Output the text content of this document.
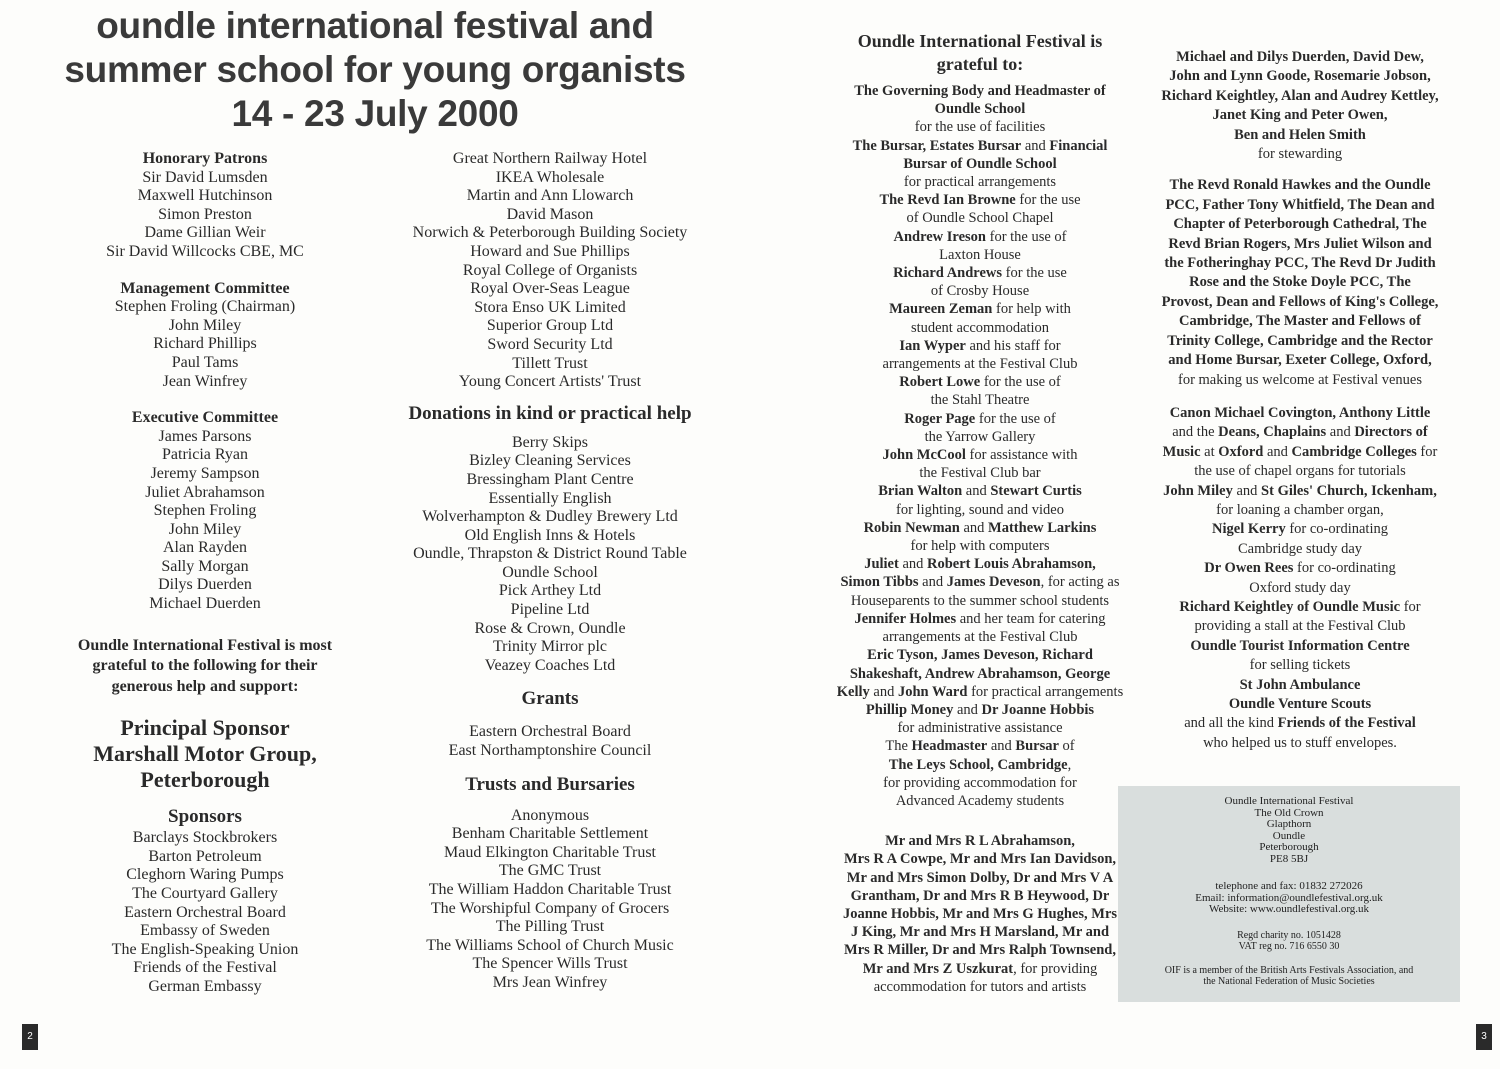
oundle international festival and
summer school for young organists
14 - 23 July 2000
Honorary Patrons
Sir David Lumsden
Maxwell Hutchinson
Simon Preston
Dame Gillian Weir
Sir David Willcocks CBE, MC
Management Committee
Stephen Froling (Chairman)
John Miley
Richard Phillips
Paul Tams
Jean Winfrey
Executive Committee
James Parsons
Patricia Ryan
Jeremy Sampson
Juliet Abrahamson
Stephen Froling
John Miley
Alan Rayden
Sally Morgan
Dilys Duerden
Michael Duerden
Oundle International Festival is most
grateful to the following for their
generous help and support:
Principal Sponsor
Marshall Motor Group,
Peterborough
Sponsors
Barclays Stockbrokers
Barton Petroleum
Cleghorn Waring Pumps
The Courtyard Gallery
Eastern Orchestral Board
Embassy of Sweden
The English-Speaking Union
Friends of the Festival
German Embassy
Great Northern Railway Hotel
IKEA Wholesale
Martin and Ann Llowarch
David Mason
Norwich & Peterborough Building Society
Howard and Sue Phillips
Royal College of Organists
Royal Over-Seas League
Stora Enso UK Limited
Superior Group Ltd
Sword Security Ltd
Tillett Trust
Young Concert Artists' Trust
Donations in kind or practical help
Berry Skips
Bizley Cleaning Services
Bressingham Plant Centre
Essentially English
Wolverhampton & Dudley Brewery Ltd
Old English Inns & Hotels
Oundle, Thrapston & District Round Table
Oundle School
Pick Arthey Ltd
Pipeline Ltd
Rose & Crown, Oundle
Trinity Mirror plc
Veazey Coaches Ltd
Grants
Eastern Orchestral Board
East Northamptonshire Council
Trusts and Bursaries
Anonymous
Benham Charitable Settlement
Maud Elkington Charitable Trust
The GMC Trust
The William Haddon Charitable Trust
The Worshipful Company of Grocers
The Pilling Trust
The Williams School of Church Music
The Spencer Wills Trust
Mrs Jean Winfrey
2
Oundle International Festival is
grateful to:
The Governing Body and Headmaster of
Oundle School
for the use of facilities
The Bursar, Estates Bursar and Financial
Bursar of Oundle School
for practical arrangements
The Revd Ian Browne for the use
of Oundle School Chapel
Andrew Ireson for the use of
Laxton House
Richard Andrews for the use
of Crosby House
Maureen Zeman for help with
student accommodation
Ian Wyper and his staff for
arrangements at the Festival Club
Robert Lowe for the use of
the Stahl Theatre
Roger Page for the use of
the Yarrow Gallery
John McCool for assistance with
the Festival Club bar
Brian Walton and Stewart Curtis
for lighting, sound and video
Robin Newman and Matthew Larkins
for help with computers
Juliet and Robert Louis Abrahamson,
Simon Tibbs and James Deveson, for acting as
Houseparents to the summer school students
Jennifer Holmes and her team for catering
arrangements at the Festival Club
Eric Tyson, James Deveson, Richard
Shakeshaft, Andrew Abrahamson, George
Kelly and John Ward for practical arrangements
Phillip Money and Dr Joanne Hobbis
for administrative assistance
The Headmaster and Bursar of
The Leys School, Cambridge,
for providing accommodation for
Advanced Academy students
Mr and Mrs R L Abrahamson,
Mrs R A Cowpe, Mr and Mrs Ian Davidson,
Mr and Mrs Simon Dolby, Dr and Mrs V A
Grantham, Dr and Mrs R B Heywood, Dr
Joanne Hobbis, Mr and Mrs G Hughes, Mrs
J King, Mr and Mrs H Marsland, Mr and
Mrs R Miller, Dr and Mrs Ralph Townsend,
Mr and Mrs Z Uszkurat, for providing
accommodation for tutors and artists
Michael and Dilys Duerden, David Dew,
John and Lynn Goode, Rosemarie Jobson,
Richard Keightley, Alan and Audrey Kettley,
Janet King and Peter Owen,
Ben and Helen Smith
for stewarding
The Revd Ronald Hawkes and the Oundle
PCC, Father Tony Whitfield, The Dean and
Chapter of Peterborough Cathedral, The
Revd Brian Rogers, Mrs Juliet Wilson and
the Fotheringhay PCC, The Revd Dr Judith
Rose and the Stoke Doyle PCC, The
Provost, Dean and Fellows of King's College,
Cambridge, The Master and Fellows of
Trinity College, Cambridge and the Rector
and Home Bursar, Exeter College, Oxford,
for making us welcome at Festival venues
Canon Michael Covington, Anthony Little
and the Deans, Chaplains and Directors of
Music at Oxford and Cambridge Colleges for
the use of chapel organs for tutorials
John Miley and St Giles' Church, Ickenham,
for loaning a chamber organ,
Nigel Kerry for co-ordinating
Cambridge study day
Dr Owen Rees for co-ordinating
Oxford study day
Richard Keightley of Oundle Music for
providing a stall at the Festival Club
Oundle Tourist Information Centre
for selling tickets
St John Ambulance
Oundle Venture Scouts
and all the kind Friends of the Festival
who helped us to stuff envelopes.
Oundle International Festival
The Old Crown
Glapthorn
Oundle
Peterborough
PE8 5BJ
telephone and fax: 01832 272026
Email: information@oundlefestival.org.uk
Website: www.oundlefestival.org.uk
Regd charity no. 1051428
VAT reg no. 716 6550 30
OIF is a member of the British Arts Festivals Association, and
the National Federation of Music Societies
3
